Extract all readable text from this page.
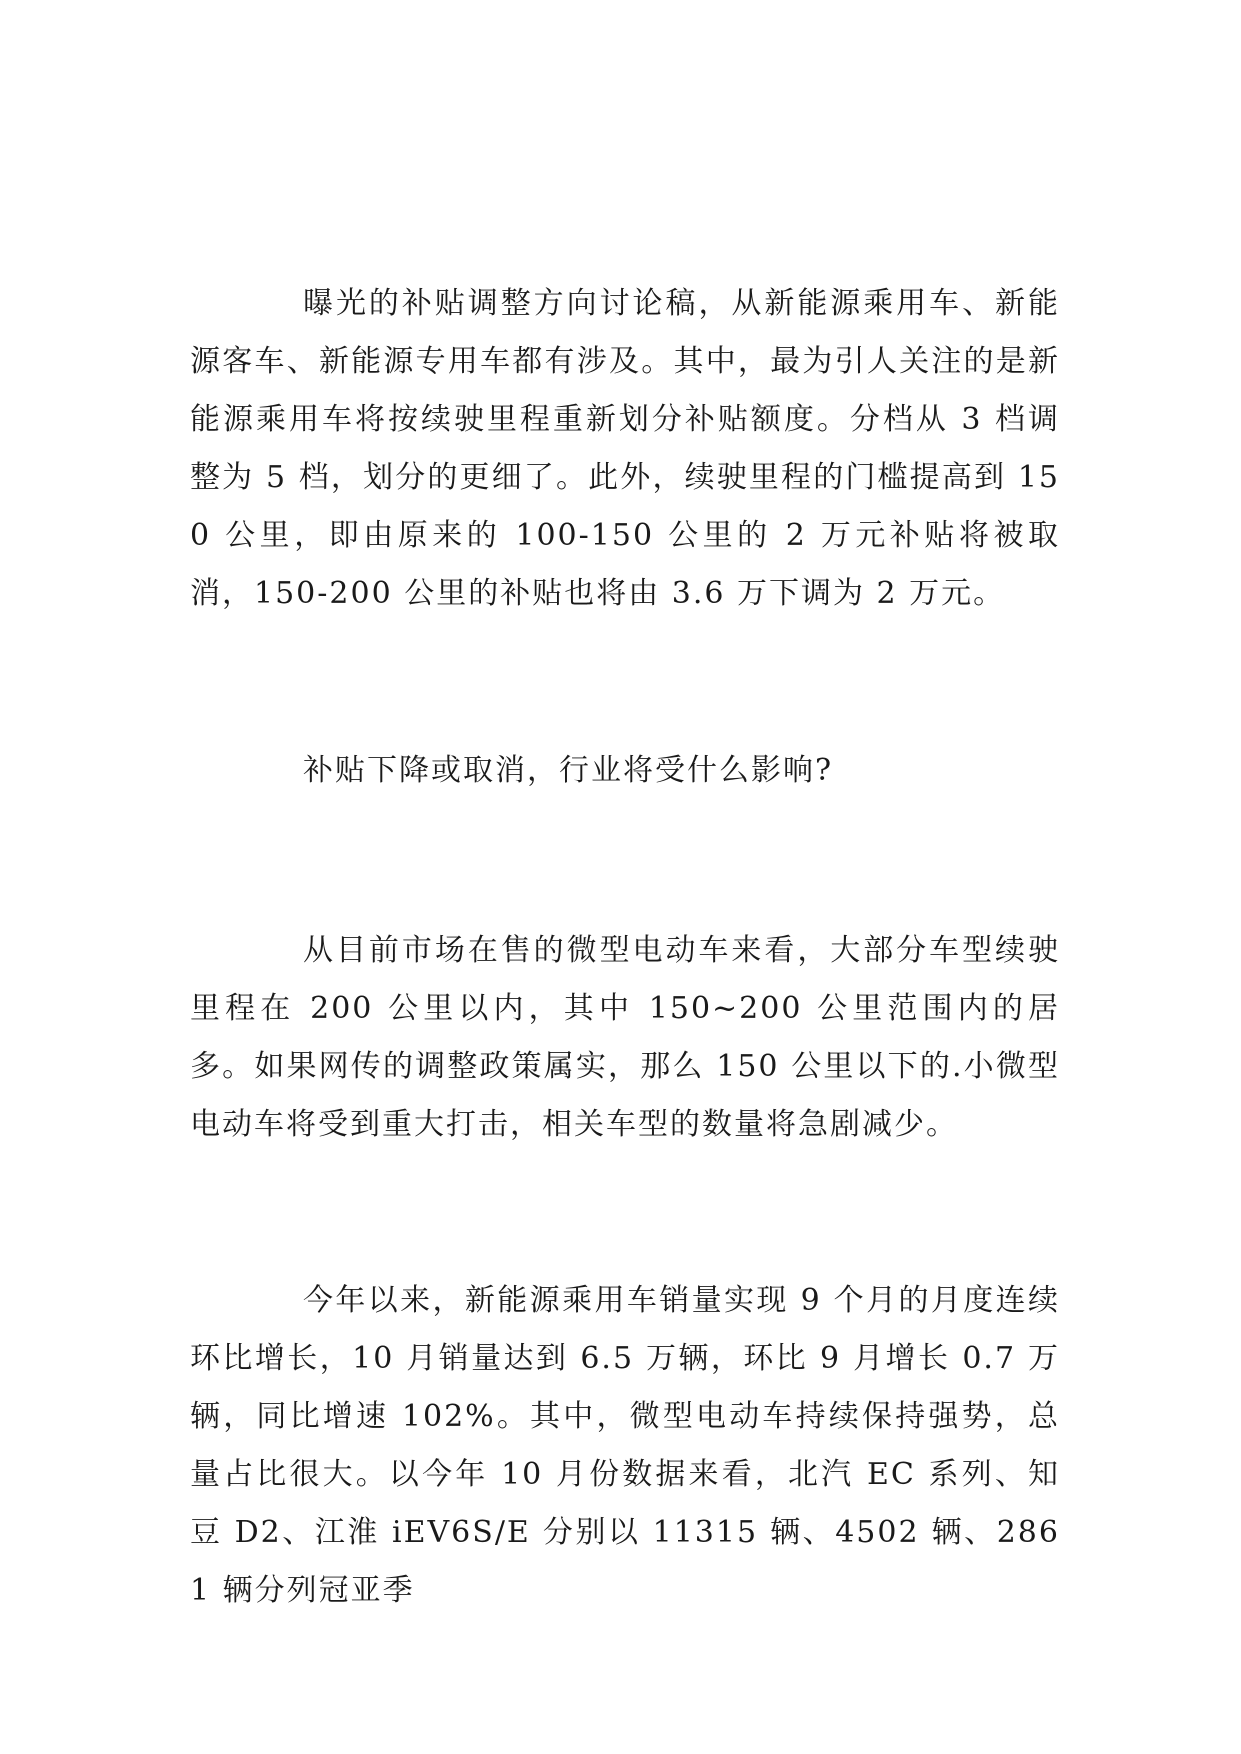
曝光的补贴调整方向讨论稿，从新能源乘用车、新能源客车、新能源专用车都有涉及。其中，最为引人关注的是新能源乘用车将按续驶里程重新划分补贴额度。分档从 3 档调整为 5 档，划分的更细了。此外，续驶里程的门槛提高到 150 公里，即由原来的 100-150 公里的 2 万元补贴将被取消，150-200 公里的补贴也将由 3.6 万下调为 2 万元。

补贴下降或取消，行业将受什么影响?

从目前市场在售的微型电动车来看，大部分车型续驶里程在 200 公里以内，其中 150~200 公里范围内的居多。如果网传的调整政策属实，那么 150 公里以下的.小微型电动车将受到重大打击，相关车型的数量将急剧减少。

今年以来，新能源乘用车销量实现 9 个月的月度连续环比增长，10 月销量达到 6.5 万辆，环比 9 月增长 0.7 万辆，同比增速 102%。其中，微型电动车持续保持强势，总量占比很大。以今年 10 月份数据来看，北汽 EC 系列、知豆 D2、江淮 iEV6S/E 分别以 11315 辆、4502 辆、2861 辆分列冠亚季
